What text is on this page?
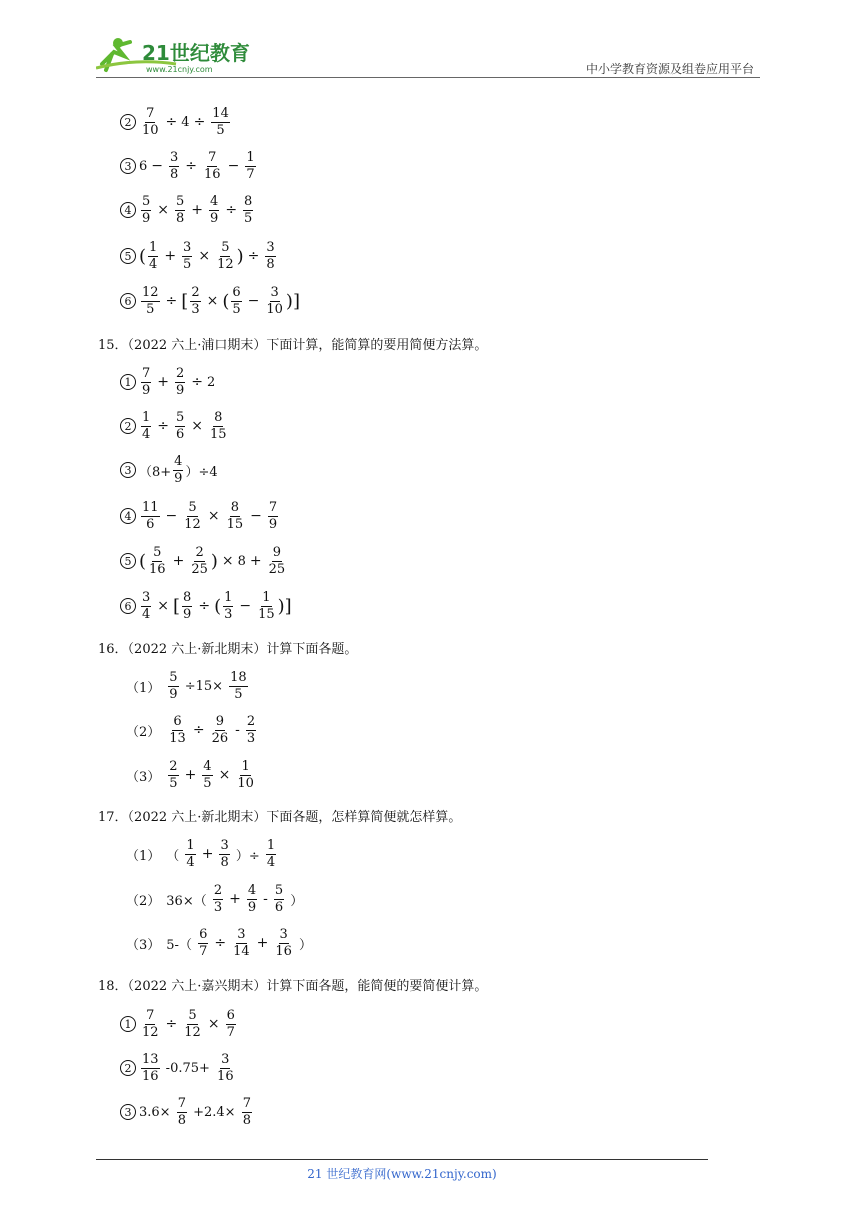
21世纪教育
www.21cnjy.com	中小学教育资源及组卷应用平台
$2 \frac{7}{10} \div 4 \div \frac{14}{5}$
3 $6 - \frac{3}{8} \div \frac{7}{16} - \frac{1}{7}$
$4 \frac{5}{9} \times \frac{5}{8} + \frac{4}{9} \div \frac{8}{5}$
5 ( $\frac{1}{4} + \frac{3}{5} \times \frac{5}{12}$ ) ÷ $\frac{3}{8}$
$6 \frac{12}{5}$ ÷ [ $\frac{2}{3}$ × ( $\frac{6}{5} - \frac{3}{10}$ )]
15．（2022 六上·浦口期末）下面计算，能简算的要用简便方法算。
$1 \frac{7}{9} + \frac{2}{9} \div 2$
$2 \frac{1}{4} \div \frac{5}{6} \times \frac{8}{15}$
3 $(8+ \frac{4}{9} )\div 4$
$4 \frac{11}{6} - \frac{5}{12} \times \frac{8}{15} - \frac{7}{9}$
5 ( $\frac{5}{16} + \frac{2}{25}$ ) × $8 + \frac{9}{25}$
$6 \frac{3}{4}$ × [ $\frac{8}{9}$ ÷ ( $\frac{1}{3} - \frac{1}{15}$ )]
16．（2022 六上·新北期末）计算下面各题。
$(1) \frac{5}{9} \div 15\times \frac{18}{5}$
$(2) \frac{6}{13} \div \frac{9}{26} - \frac{2}{3}$
$(3) \frac{2}{5} + \frac{4}{5} \times \frac{1}{10}$
17．（2022 六上·新北期末）下面各题，怎样算简便就怎样算。
（1） （ $\frac{1}{4} + \frac{3}{8}$ ）÷ $\frac{1}{4}$
（2） $36\times( \frac{2}{3} + \frac{4}{9} - \frac{5}{6}$ ）
（3） $5-( \frac{6}{7} \div \frac{3}{14} + \frac{3}{16}$ ）
18．（2022 六上·嘉兴期末）计算下面各题，能简便的要简便计算。
$1 \frac{7}{12} \div \frac{5}{12} \times \frac{6}{7}$
$2 \frac{13}{16} -0.75+ \frac{3}{16}$
3 $3.6\times \frac{7}{8} +2.4\times \frac{7}{8}$
21 世纪教育网(www.21cnjy.com)
